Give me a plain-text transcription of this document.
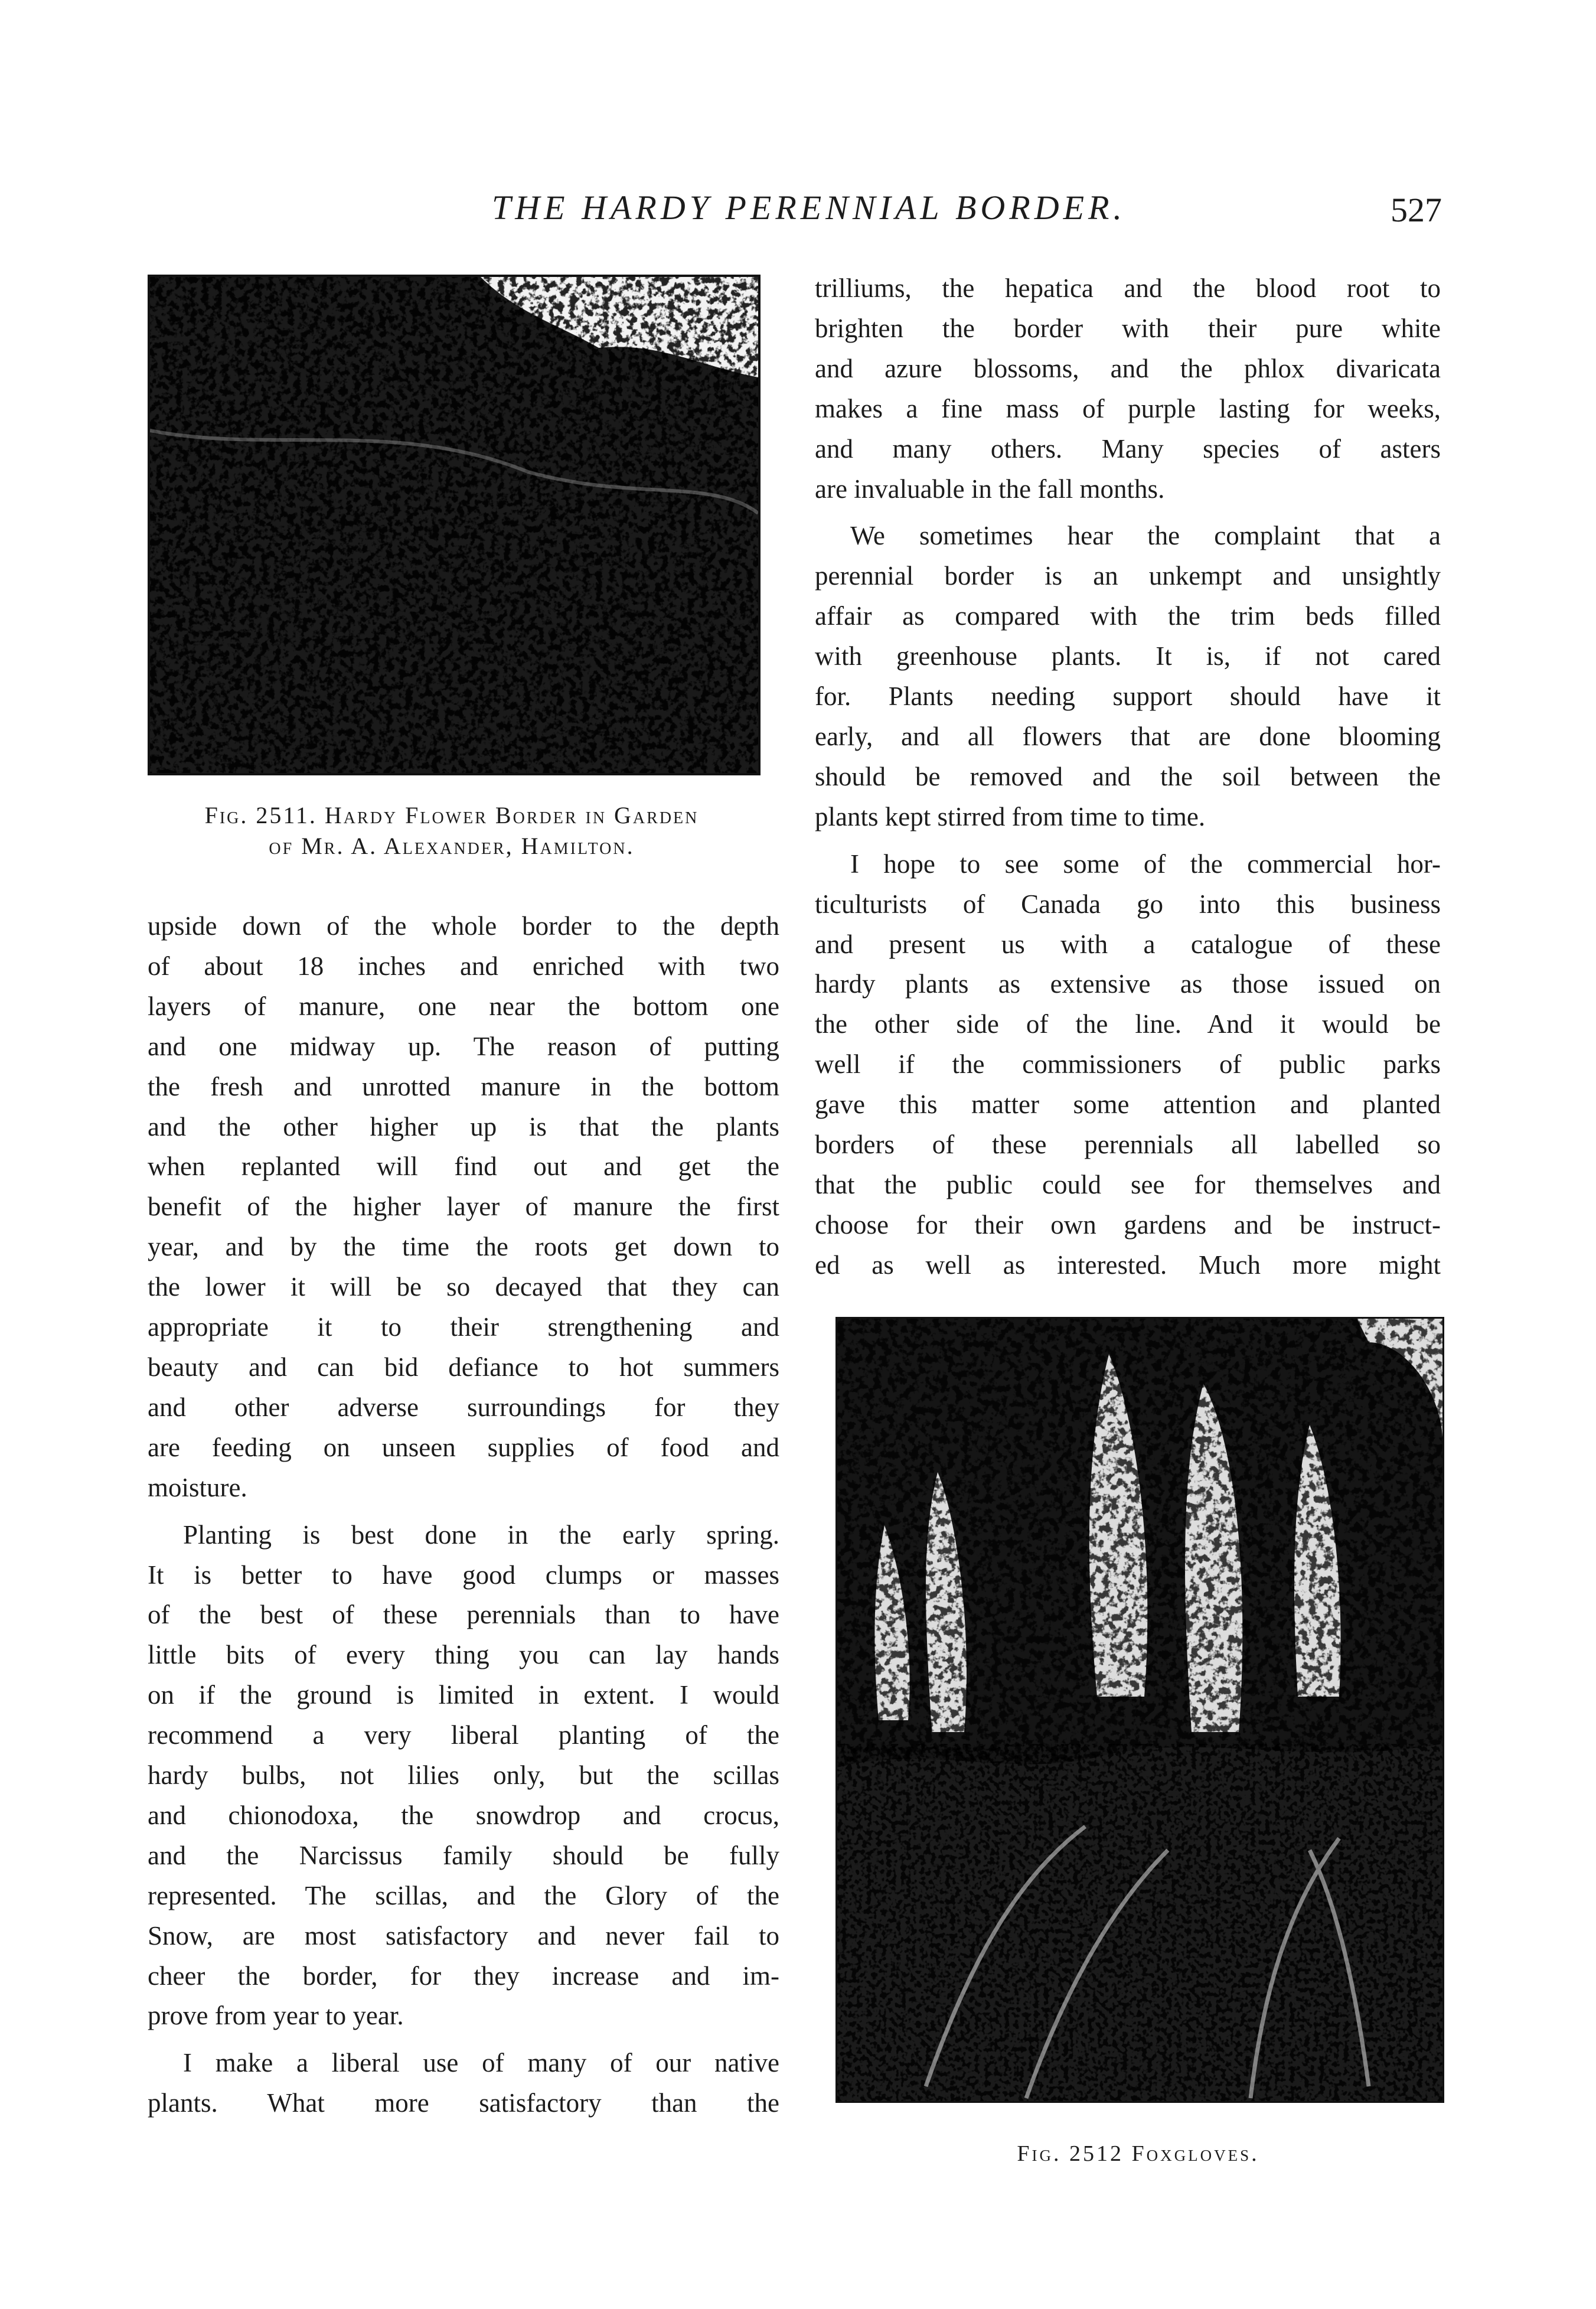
THE HARDY PERENNIAL BORDER.	527
Fig. 2511. Hardy Flower Border in Garden
of Mr. A. Alexander, Hamilton.

upside down of the whole border to the depth

of about 18 inches and enriched with two

layers of manure, one near the bottom one

and one midway up. The reason of putting

the fresh and unrotted manure in the bottom

and the other higher up is that the plants

when replanted will find out and get the

benefit of the higher layer of manure the first

year, and by the time the roots get down to

the lower it will be so decayed that they can

appropriate it to their strengthening and

beauty and can bid defiance to hot summers

and other adverse surroundings for they

are feeding on unseen supplies of food and

moisture.

Planting is best done in the early spring.

It is better to have good clumps or masses

of the best of these perennials than to have

little bits of every thing you can lay hands

on if the ground is limited in extent. I would

recommend a very liberal planting of the

hardy bulbs, not lilies only, but the scillas

and chionodoxa, the snowdrop and crocus,

and the Narcissus family should be fully

represented. The scillas, and the Glory of the

Snow, are most satisfactory and never fail to

cheer the border, for they increase and im-

prove from year to year.

I make a liberal use of many of our native

plants. What more satisfactory than the

trilliums, the hepatica and the blood root to

brighten the border with their pure white

and azure blossoms, and the phlox divaricata

makes a fine mass of purple lasting for weeks,

and many others. Many species of asters

are invaluable in the fall months.

We sometimes hear the complaint that a

perennial border is an unkempt and unsightly

affair as compared with the trim beds filled

with greenhouse plants. It is, if not cared

for. Plants needing support should have it

early, and all flowers that are done blooming

should be removed and the soil between the

plants kept stirred from time to time.

I hope to see some of the commercial hor-

ticulturists of Canada go into this business

and present us with a catalogue of these

hardy plants as extensive as those issued on

the other side of the line. And it would be

well if the commissioners of public parks

gave this matter some attention and planted

borders of these perennials all labelled so

that the public could see for themselves and

choose for their own gardens and be instruct-

ed as well as interested. Much more might

Fig. 2512 Foxgloves.
